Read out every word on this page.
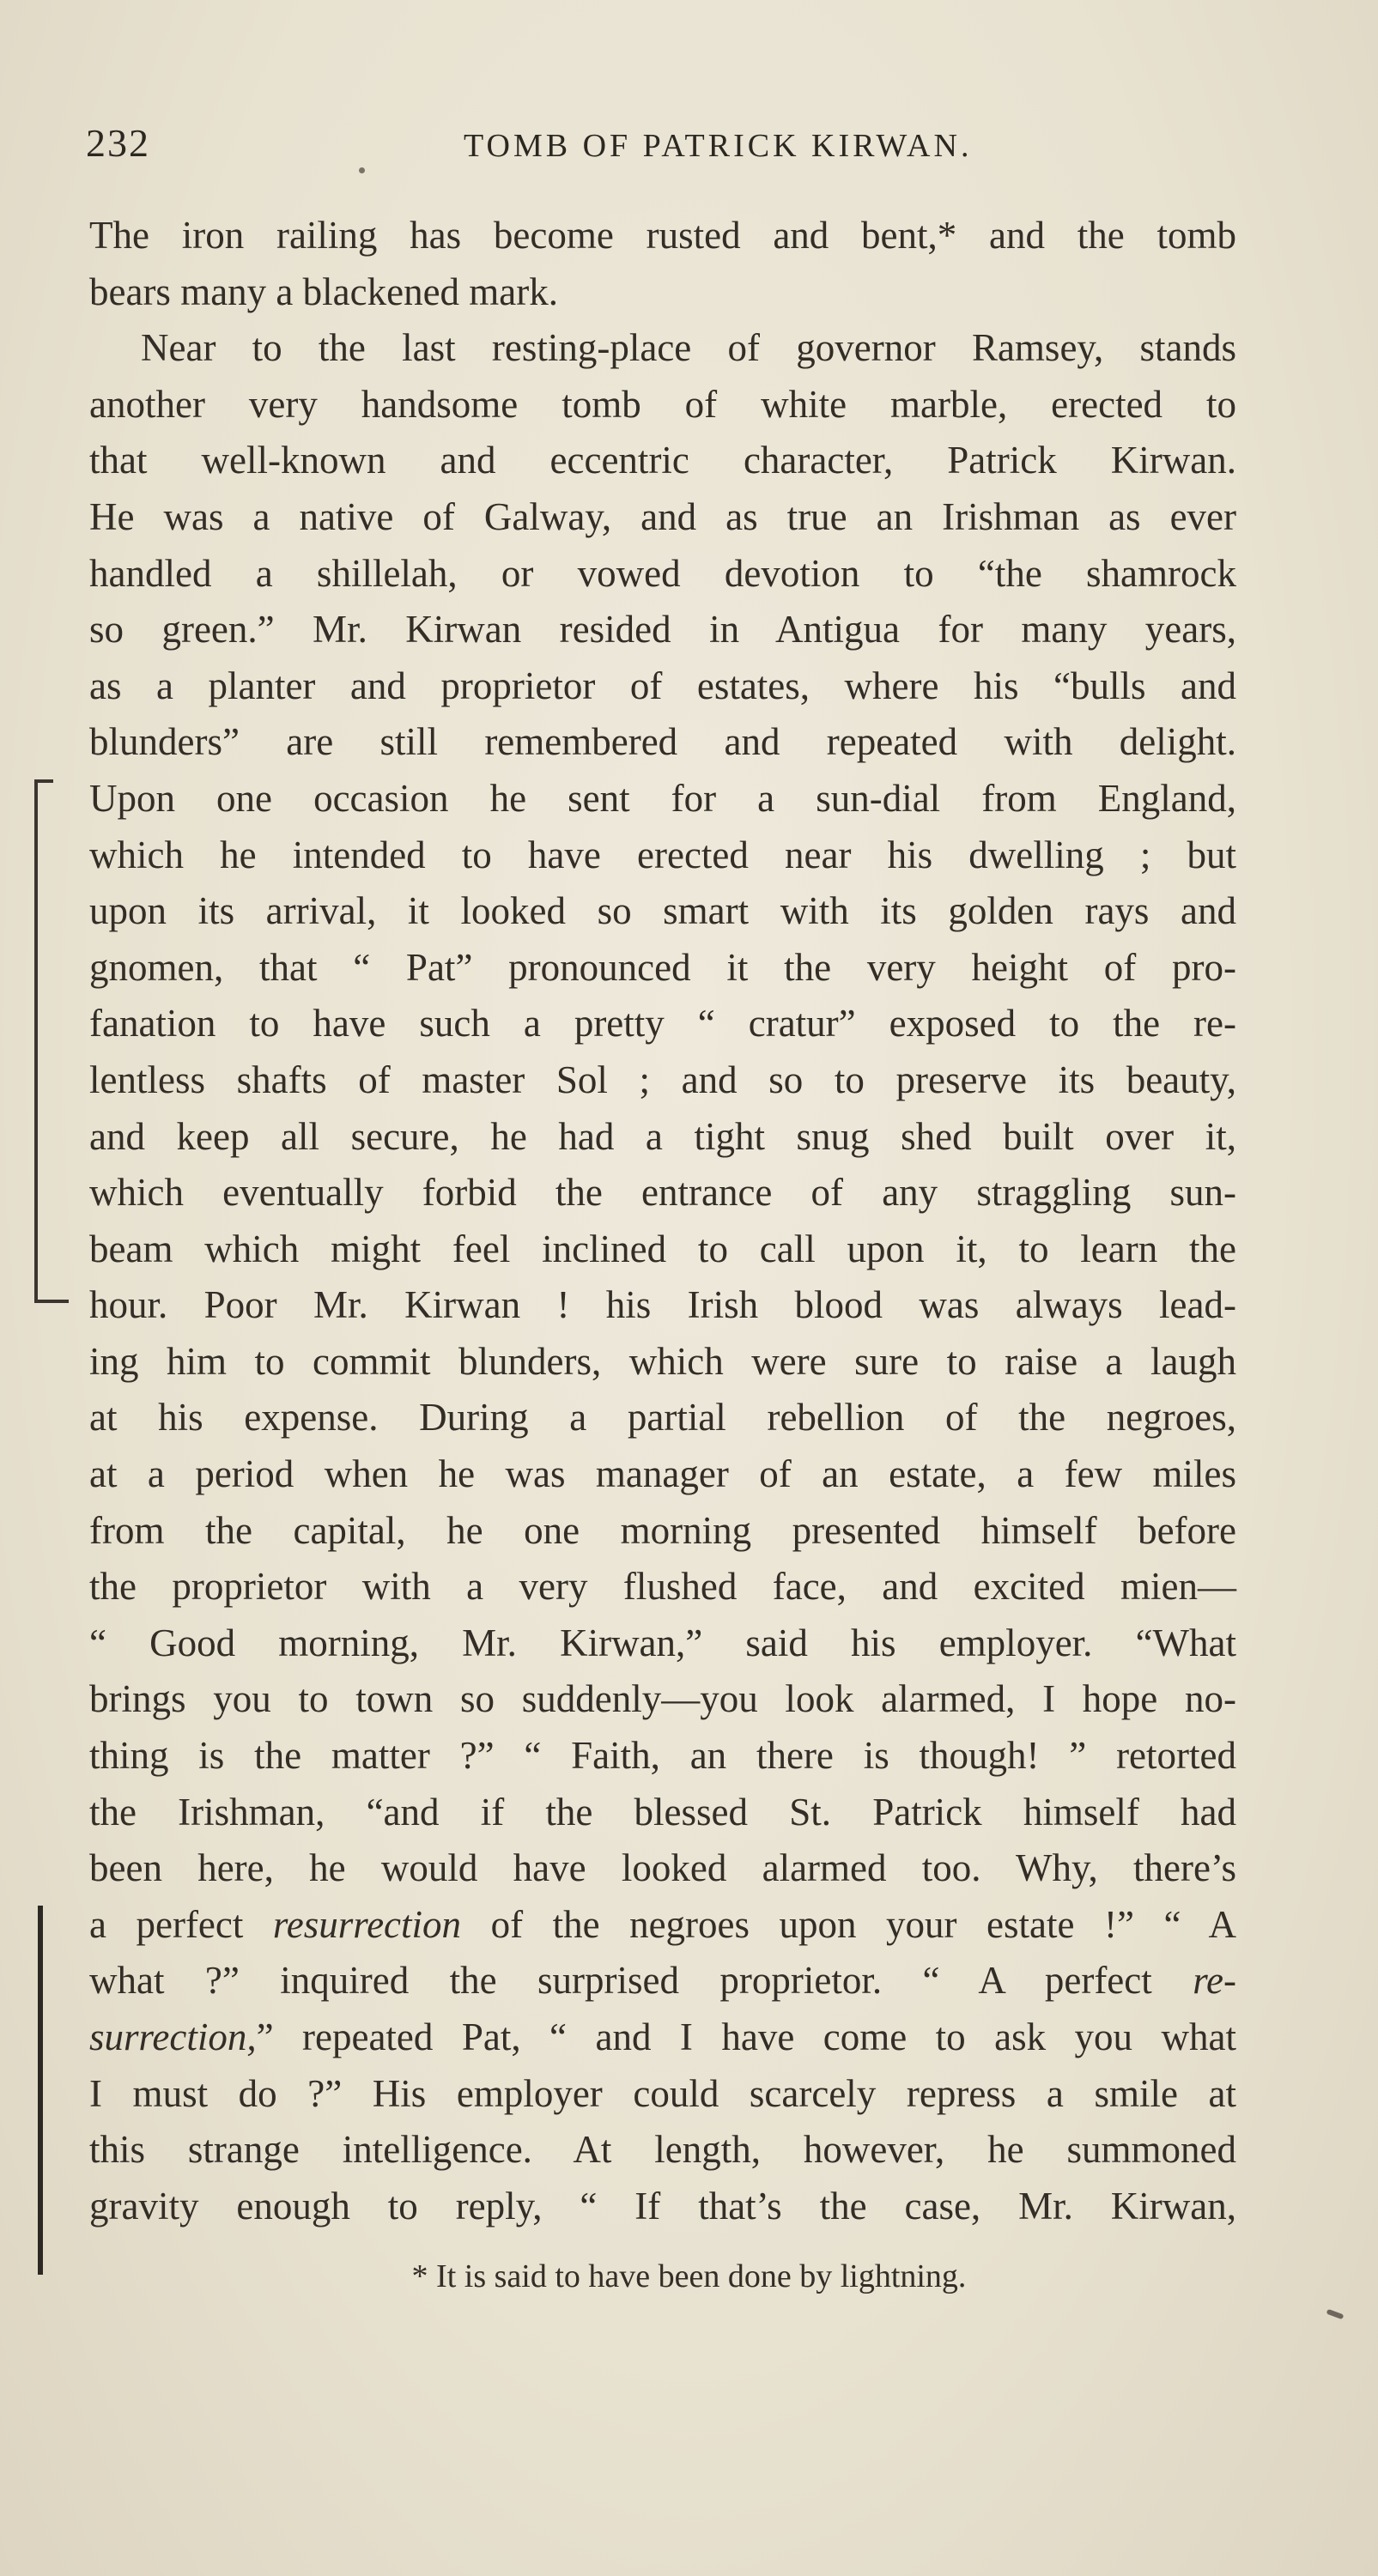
232	TOMB OF PATRICK KIRWAN.
The iron railing has become rusted and bent,* and the tomb
bears many a blackened mark.
Near to the last resting-place of governor Ramsey, stands
another very handsome tomb of white marble, erected to
that well-known and eccentric character, Patrick Kirwan.
He was a native of Galway, and as true an Irishman as ever
handled a shillelah, or vowed devotion to “the shamrock
so green.” Mr. Kirwan resided in Antigua for many years,
as a planter and proprietor of estates, where his “bulls and
blunders” are still remembered and repeated with delight.
Upon one occasion he sent for a sun-dial from England,
which he intended to have erected near his dwelling ; but
upon its arrival, it looked so smart with its golden rays and
gnomen, that “ Pat” pronounced it the very height of pro-
fanation to have such a pretty “ cratur” exposed to the re-
lentless shafts of master Sol ; and so to preserve its beauty,
and keep all secure, he had a tight snug shed built over it,
which eventually forbid the entrance of any straggling sun-
beam which might feel inclined to call upon it, to learn the
hour. Poor Mr. Kirwan ! his Irish blood was always lead-
ing him to commit blunders, which were sure to raise a laugh
at his expense. During a partial rebellion of the negroes,
at a period when he was manager of an estate, a few miles
from the capital, he one morning presented himself before
the proprietor with a very flushed face, and excited mien—
“ Good morning, Mr. Kirwan,” said his employer. “What
brings you to town so suddenly—you look alarmed, I hope no-
thing is the matter ?” “ Faith, an there is though! ” retorted
the Irishman, “and if the blessed St. Patrick himself had
been here, he would have looked alarmed too. Why, there’s
a perfect resurrection of the negroes upon your estate !” “ A
what ?” inquired the surprised proprietor. “ A perfect re-
surrection,” repeated Pat, “ and I have come to ask you what
I must do ?” His employer could scarcely repress a smile at
this strange intelligence. At length, however, he summoned
gravity enough to reply, “ If that’s the case, Mr. Kirwan,
* It is said to have been done by lightning.
